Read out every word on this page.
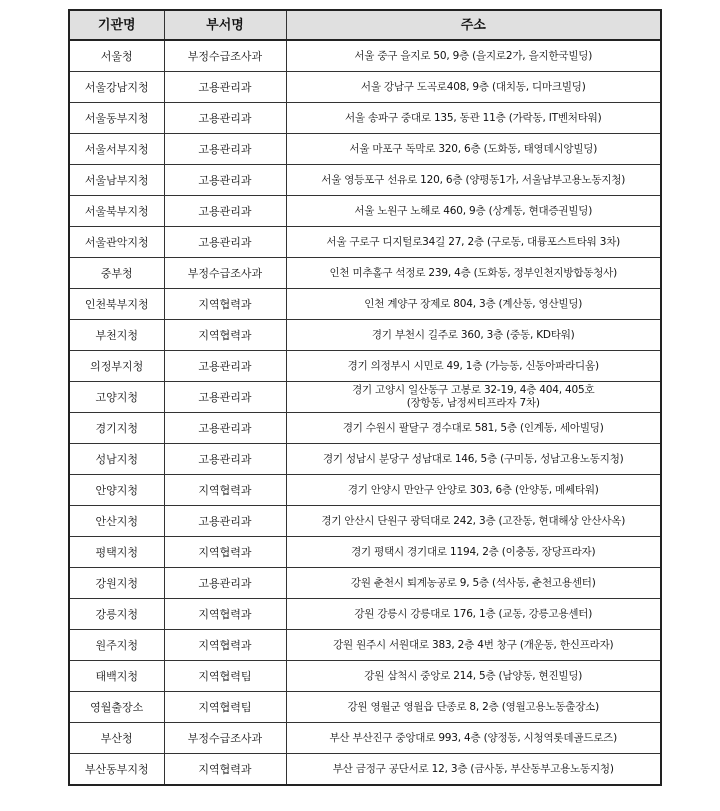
기관명	부서명	주소
서울청	부정수급조사과	서울 중구 을지로 50, 9층 (을지로2가, 을지한국빌딩)
서울강남지청	고용관리과	서울 강남구 도곡로408, 9층 (대치동, 디마크빌딩)
서울동부지청	고용관리과	서울 송파구 중대로 135, 동관 11층 (가락동, IT벤처타워)
서울서부지청	고용관리과	서울 마포구 독막로 320, 6층 (도화동, 태영데시앙빌딩)
서울남부지청	고용관리과	서울 영등포구 선유로 120, 6층 (양평동1가, 서울남부고용노동지청)
서울북부지청	고용관리과	서울 노원구 노해로 460, 9층 (상계동, 현대증권빌딩)
서울관악지청	고용관리과	서울 구로구 디지털로34길 27, 2층 (구로동, 대륭포스트타워 3차)
중부청	부정수급조사과	인천 미추홀구 석정로 239, 4층 (도화동, 정부인천지방합동청사)
인천북부지청	지역협력과	인천 계양구 장제로 804, 3층 (계산동, 영산빌딩)
부천지청	지역협력과	경기 부천시 길주로 360, 3층 (중동, KD타워)
의정부지청	고용관리과	경기 의정부시 시민로 49, 1층 (가능동, 신동아파라디움)
고양지청	고용관리과	경기 고양시 일산동구 고봉로 32-19, 4층 404, 405호
(장항동, 남정씨티프라자 7차)
경기지청	고용관리과	경기 수원시 팔달구 경수대로 581, 5층 (인계동, 세아빌딩)
성남지청	고용관리과	경기 성남시 분당구 성남대로 146, 5층 (구미동, 성남고용노동지청)
안양지청	지역협력과	경기 안양시 만안구 안양로 303, 6층 (안양동, 메쎄타워)
안산지청	고용관리과	경기 안산시 단원구 광덕대로 242, 3층 (고잔동, 현대해상 안산사옥)
평택지청	지역협력과	경기 평택시 경기대로 1194, 2층 (이충동, 장당프라자)
강원지청	고용관리과	강원 춘천시 퇴계농공로 9, 5층 (석사동, 춘천고용센터)
강릉지청	지역협력과	강원 강릉시 강릉대로 176, 1층 (교동, 강릉고용센터)
원주지청	지역협력과	강원 원주시 서원대로 383, 2층 4번 창구 (개운동, 한신프라자)
태백지청	지역협력팀	강원 삼척시 중앙로 214, 5층 (남양동, 현진빌딩)
영월출장소	지역협력팀	강원 영월군 영월읍 단종로 8, 2층 (영월고용노동출장소)
부산청	부정수급조사과	부산 부산진구 중앙대로 993, 4층 (양정동, 시청역롯데골드로즈)
부산동부지청	지역협력과	부산 금정구 공단서로 12, 3층 (금사동, 부산동부고용노동지청)
